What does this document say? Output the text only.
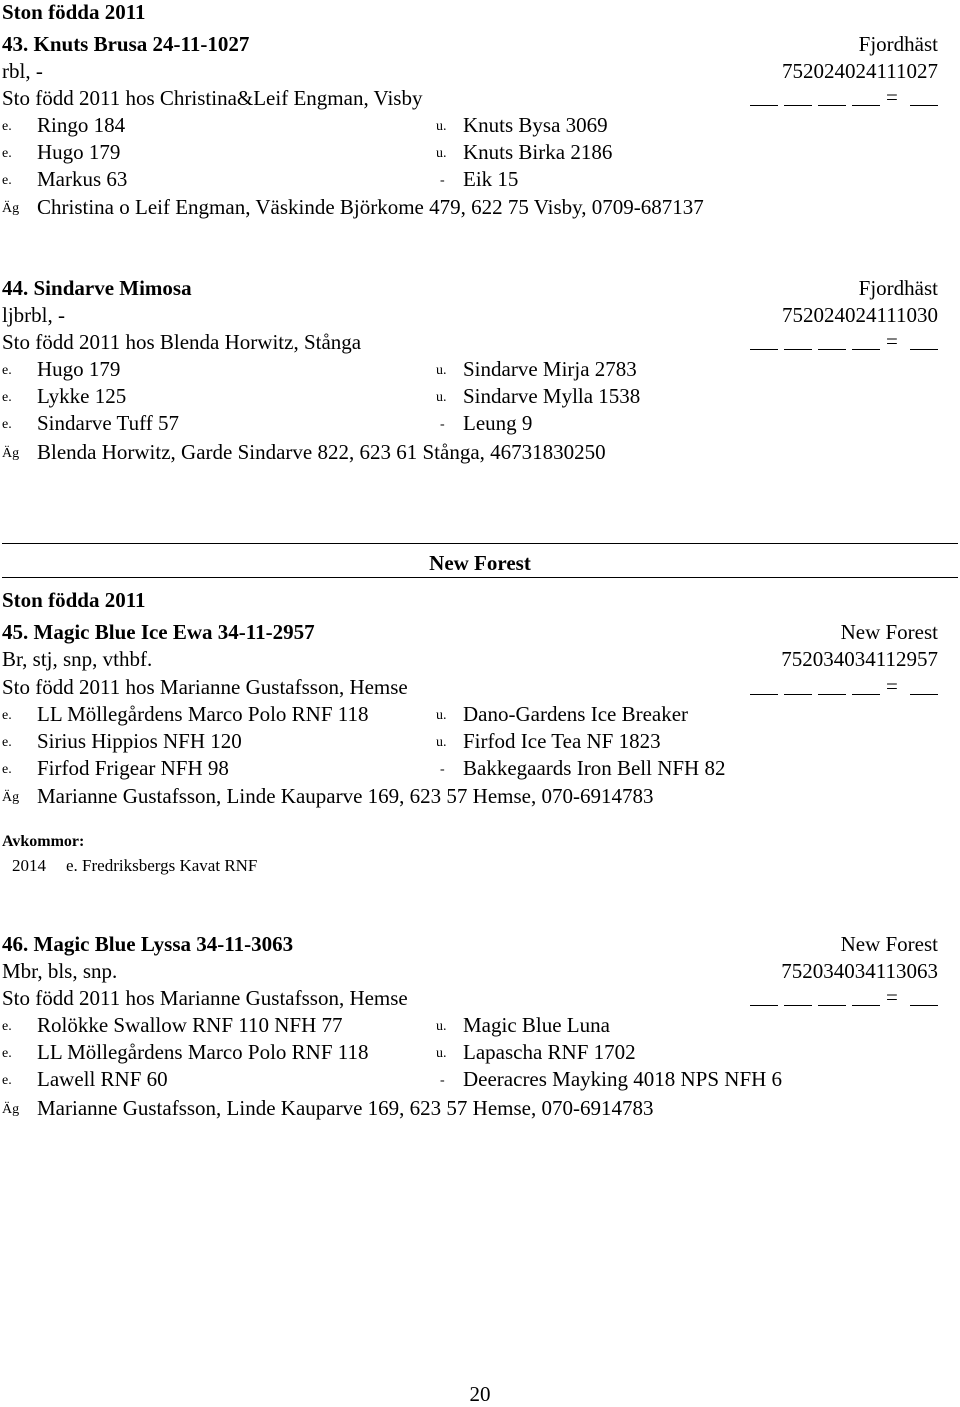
Ston födda 2011
43. Knuts Brusa 24-11-1027	Fjordhäst
rbl, -	752024024111027
Sto född 2011 hos Christina&Leif Engman, Visby	=
e. Ringo 184	u. Knuts Bysa 3069
e. Hugo 179	u. Knuts Birka 2186
e. Markus 63	- Eik 15
Äg Christina o Leif Engman, Väskinde Björkome 479, 622 75 Visby, 0709-687137
44. Sindarve Mimosa	Fjordhäst
ljbrbl, -	752024024111030
Sto född 2011 hos Blenda Horwitz, Stånga	=
e. Hugo 179	u. Sindarve Mirja 2783
e. Lykke 125	u. Sindarve Mylla 1538
e. Sindarve Tuff 57	- Leung 9
Äg Blenda Horwitz, Garde Sindarve 822, 623 61 Stånga, 46731830250
New Forest
Ston födda 2011
45. Magic Blue Ice Ewa 34-11-2957	New Forest
Br, stj, snp, vthbf.	752034034112957
Sto född 2011 hos Marianne Gustafsson, Hemse	=
e. LL Möllegårdens Marco Polo RNF 118	u. Dano-Gardens Ice Breaker
e. Sirius Hippios NFH 120	u. Firfod Ice Tea NF 1823
e. Firfod Frigear NFH 98	- Bakkegaards Iron Bell NFH 82
Äg Marianne Gustafsson, Linde Kauparve 169, 623 57 Hemse, 070-6914783
Avkommor:
2014 e. Fredriksbergs Kavat RNF
46. Magic Blue Lyssa 34-11-3063	New Forest
Mbr, bls, snp.	752034034113063
Sto född 2011 hos Marianne Gustafsson, Hemse	=
e. Rolökke Swallow RNF 110 NFH 77	u. Magic Blue Luna
e. LL Möllegårdens Marco Polo RNF 118	u. Lapascha RNF 1702
e. Lawell RNF 60	- Deeracres Mayking 4018 NPS NFH 6
Äg Marianne Gustafsson, Linde Kauparve 169, 623 57 Hemse, 070-6914783
20
